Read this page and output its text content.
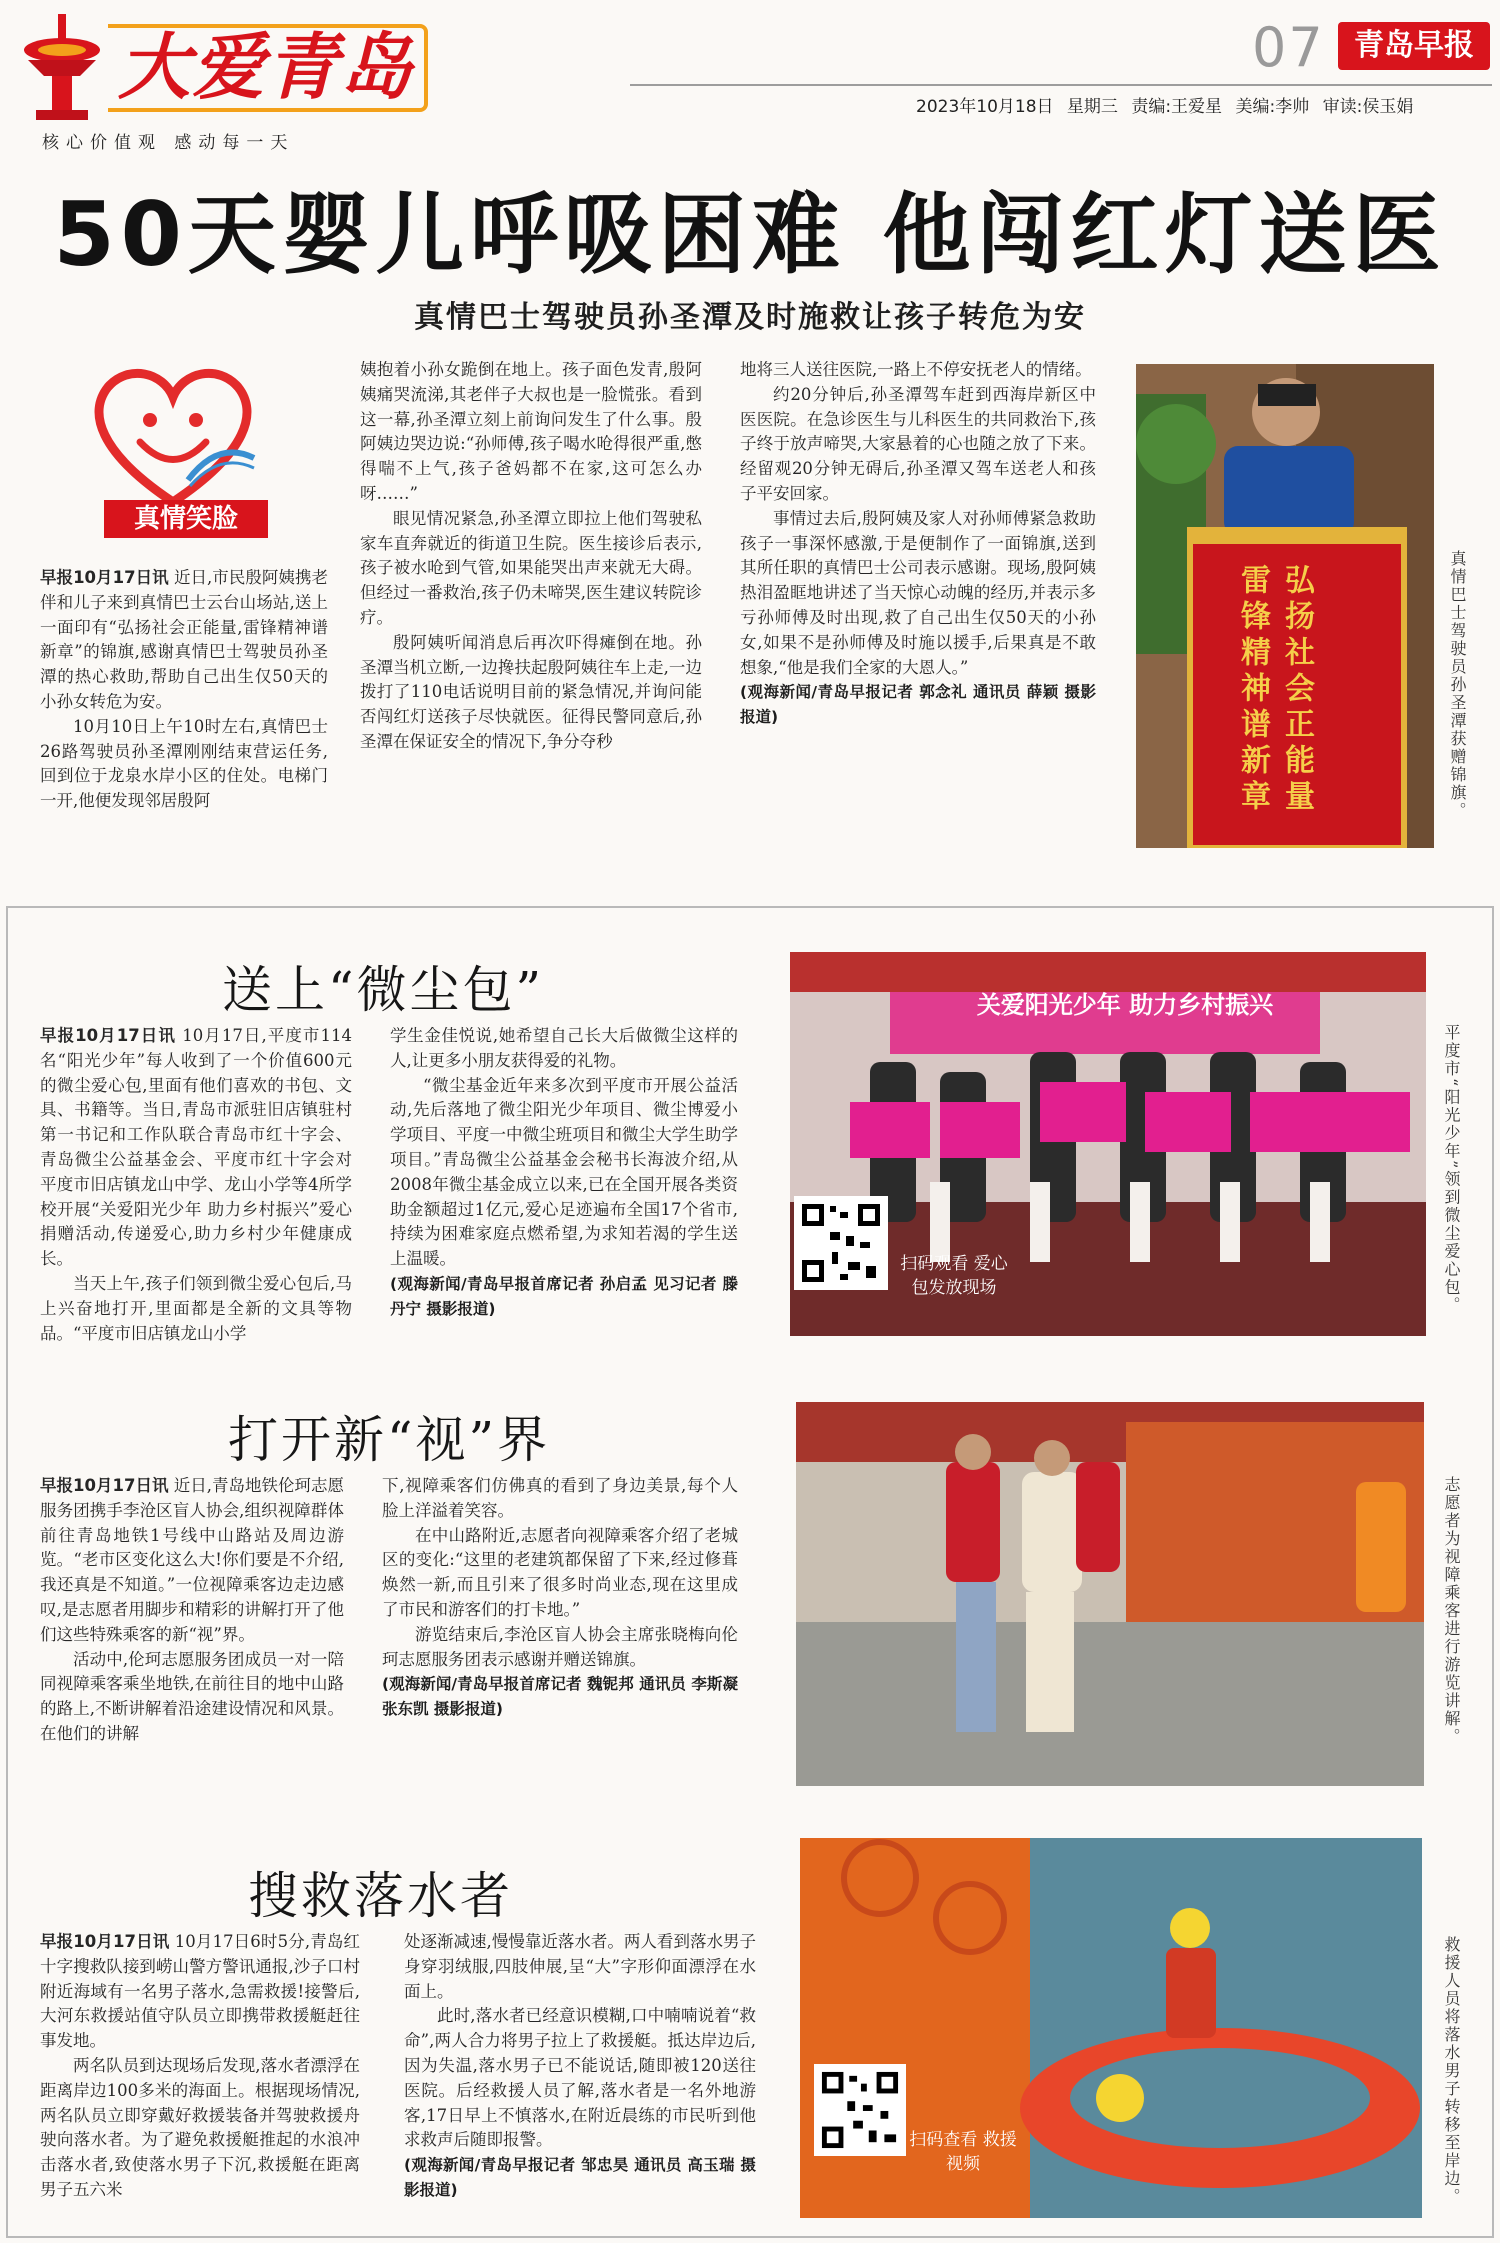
大爱青岛
核心价值观 感动每一天
07 青岛早报
2023年10月18日 星期三 责编:王爱星 美编:李帅 审读:侯玉娟
50天婴儿呼吸困难 他闯红灯送医
真情巴士驾驶员孙圣潭及时施救让孩子转危为安
真情笑脸

早报10月17日讯 近日,市民殷阿姨携老伴和儿子来到真情巴士云台山场站,送上一面印有“弘扬社会正能量,雷锋精神谱新章”的锦旗,感谢真情巴士驾驶员孙圣潭的热心救助,帮助自己出生仅50天的小孙女转危为安。

10月10日上午10时左右,真情巴士26路驾驶员孙圣潭刚刚结束营运任务,回到位于龙泉水岸小区的住处。电梯门一开,他便发现邻居殷阿

姨抱着小孙女跪倒在地上。孩子面色发青,殷阿姨痛哭流涕,其老伴子大叔也是一脸慌张。看到这一幕,孙圣潭立刻上前询问发生了什么事。殷阿姨边哭边说:“孙师傅,孩子喝水呛得很严重,憋得喘不上气,孩子爸妈都不在家,这可怎么办呀……”

眼见情况紧急,孙圣潭立即拉上他们驾驶私家车直奔就近的街道卫生院。医生接诊后表示,孩子被水呛到气管,如果能哭出声来就无大碍。但经过一番救治,孩子仍未啼哭,医生建议转院诊疗。

殷阿姨听闻消息后再次吓得瘫倒在地。孙圣潭当机立断,一边搀扶起殷阿姨往车上走,一边拨打了110电话说明目前的紧急情况,并询问能否闯红灯送孩子尽快就医。征得民警同意后,孙圣潭在保证安全的情况下,争分夺秒

地将三人送往医院,一路上不停安抚老人的情绪。

约20分钟后,孙圣潭驾车赶到西海岸新区中医医院。在急诊医生与儿科医生的共同救治下,孩子终于放声啼哭,大家悬着的心也随之放了下来。经留观20分钟无碍后,孙圣潭又驾车送老人和孩子平安回家。

事情过去后,殷阿姨及家人对孙师傅紧急救助孩子一事深怀感激,于是便制作了一面锦旗,送到其所任职的真情巴士公司表示感谢。现场,殷阿姨热泪盈眶地讲述了当天惊心动魄的经历,并表示多亏孙师傅及时出现,救了自己出生仅50天的小孙女,如果不是孙师傅及时施以援手,后果真是不敢想象,“他是我们全家的大恩人。”

(观海新闻/青岛早报记者 郭念礼 通讯员 薛颖 摄影报道)	弘扬社会正能量
雷锋精神谱新章	真情巴士驾驶员孙圣潭获赠锦旗。
送上“微尘包”

早报10月17日讯 10月17日,平度市114名“阳光少年”每人收到了一个价值600元的微尘爱心包,里面有他们喜欢的书包、文具、书籍等。当日,青岛市派驻旧店镇驻村第一书记和工作队联合青岛市红十字会、青岛微尘公益基金会、平度市红十字会对平度市旧店镇龙山中学、龙山小学等4所学校开展“关爱阳光少年 助力乡村振兴”爱心捐赠活动,传递爱心,助力乡村少年健康成长。

当天上午,孩子们领到微尘爱心包后,马上兴奋地打开,里面都是全新的文具等物品。“平度市旧店镇龙山小学

学生金佳悦说,她希望自己长大后做微尘这样的人,让更多小朋友获得爱的礼物。

“微尘基金近年来多次到平度市开展公益活动,先后落地了微尘阳光少年项目、微尘博爱小学项目、平度一中微尘班项目和微尘大学生助学项目。”青岛微尘公益基金会秘书长海波介绍,从2008年微尘基金成立以来,已在全国开展各类资助金额超过1亿元,爱心足迹遍布全国17个省市,持续为困难家庭点燃希望,为求知若渴的学生送上温暖。

(观海新闻/青岛早报首席记者 孙启孟 见习记者 滕丹宁 摄影报道)
关爱阳光少年 助力乡村振兴
扫码观看 爱心包发放现场	平度市“阳光少年”领到微尘爱心包。
打开新“视”界

早报10月17日讯 近日,青岛地铁伦珂志愿服务团携手李沧区盲人协会,组织视障群体前往青岛地铁1号线中山路站及周边游览。“老市区变化这么大!你们要是不介绍,我还真是不知道。”一位视障乘客边走边感叹,是志愿者用脚步和精彩的讲解打开了他们这些特殊乘客的新“视”界。

活动中,伦珂志愿服务团成员一对一陪同视障乘客乘坐地铁,在前往目的地中山路的路上,不断讲解着沿途建设情况和风景。在他们的讲解

下,视障乘客们仿佛真的看到了身边美景,每个人脸上洋溢着笑容。

在中山路附近,志愿者向视障乘客介绍了老城区的变化:“这里的老建筑都保留了下来,经过修葺焕然一新,而且引来了很多时尚业态,现在这里成了市民和游客们的打卡地。”

游览结束后,李沧区盲人协会主席张晓梅向伦珂志愿服务团表示感谢并赠送锦旗。

(观海新闻/青岛早报首席记者 魏铌邦 通讯员 李斯凝 张东凯 摄影报道)	志愿者为视障乘客进行游览讲解。
搜救落水者

早报10月17日讯 10月17日6时5分,青岛红十字搜救队接到崂山警方警讯通报,沙子口村附近海域有一名男子落水,急需救援!接警后,大河东救援站值守队员立即携带救援艇赶往事发地。

两名队员到达现场后发现,落水者漂浮在距离岸边100多米的海面上。根据现场情况,两名队员立即穿戴好救援装备并驾驶救援舟驶向落水者。为了避免救援艇推起的水浪冲击落水者,致使落水男子下沉,救援艇在距离男子五六米

处逐渐减速,慢慢靠近落水者。两人看到落水男子身穿羽绒服,四肢伸展,呈“大”字形仰面漂浮在水面上。

此时,落水者已经意识模糊,口中喃喃说着“救命”,两人合力将男子拉上了救援艇。抵达岸边后,因为失温,落水男子已不能说话,随即被120送往医院。后经救援人员了解,落水者是一名外地游客,17日早上不慎落水,在附近晨练的市民听到他求救声后随即报警。

(观海新闻/青岛早报记者 邹忠昊 通讯员 高玉瑞 摄影报道)
扫码查看 救援视频	救援人员将落水男子转移至岸边。
